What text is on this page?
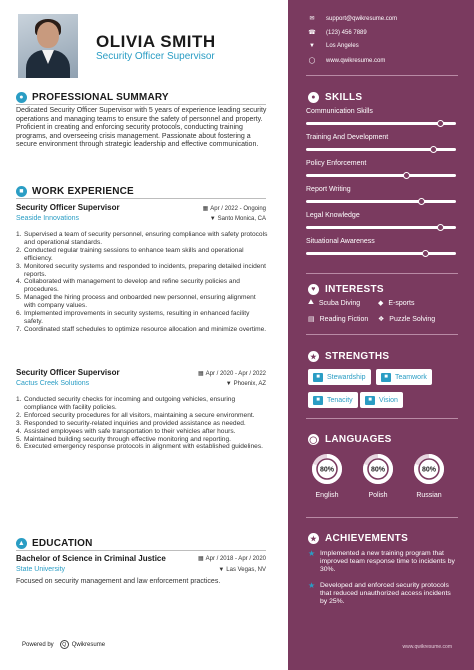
OLIVIA SMITH
Security Officer Supervisor
● PROFESSIONAL SUMMARY
Dedicated Security Officer Supervisor with 5 years of experience leading security operations and managing teams to ensure the safety of personnel and property. Proficient in creating and enforcing security protocols, conducting training programs, and overseeing crisis management. Passionate about fostering a secure environment through strategic leadership and effective communication.
■ WORK EXPERIENCE
Security Officer Supervisor	▦ Apr / 2022 - Ongoing
Seaside Innovations	▼ Santo Monica, CA
1. Supervised a team of security personnel, ensuring compliance with safety protocols and operational standards.
2. Conducted regular training sessions to enhance team skills and operational efficiency.
3. Monitored security systems and responded to incidents, preparing detailed incident reports.
4. Collaborated with management to develop and refine security policies and procedures.
5. Managed the hiring process and onboarded new personnel, ensuring alignment with company values.
6. Implemented improvements in security systems, resulting in enhanced facility safety.
7. Coordinated staff schedules to optimize resource allocation and minimize overtime.
Security Officer Supervisor	▦ Apr / 2020 - Apr / 2022
Cactus Creek Solutions	▼ Phoenix, AZ
1. Conducted security checks for incoming and outgoing vehicles, ensuring compliance with facility policies.
2. Enforced security procedures for all visitors, maintaining a secure environment.
3. Responded to security-related inquiries and provided assistance as needed.
4. Assisted employees with safe transportation to their vehicles after hours.
5. Maintained building security through effective monitoring and reporting.
6. Executed emergency response protocols in alignment with established guidelines.
▲ EDUCATION
Bachelor of Science in Criminal Justice	▦ Apr / 2018 - Apr / 2020
State University	▼ Las Vegas, NV
Focused on security management and law enforcement practices.
Powered by	Q Qwikresume
✉ support@qwikresume.com
☎ (123) 456 7889
▼ Los Angeles
◯ www.qwikresume.com
● SKILLS
Communication Skills
Training And Development
Policy Enforcement
Report Writing
Legal Knowledge
Situational Awareness
♥ INTERESTS
⛰ Scuba Diving	◆ E-sports
▤ Reading Fiction ❖ Puzzle Solving
★ STRENGTHS
■	Stewardship	■	Teamwork
■	Tenacity	■	Vision
◯ LANGUAGES
80%
English
80%
Polish
80%
Russian
★ ACHIEVEMENTS
★ Implemented a new training program that improved team response time to incidents by 30%.
★ Developed and enforced security protocols that reduced unauthorized access incidents by 25%.
www.qwikresume.com
